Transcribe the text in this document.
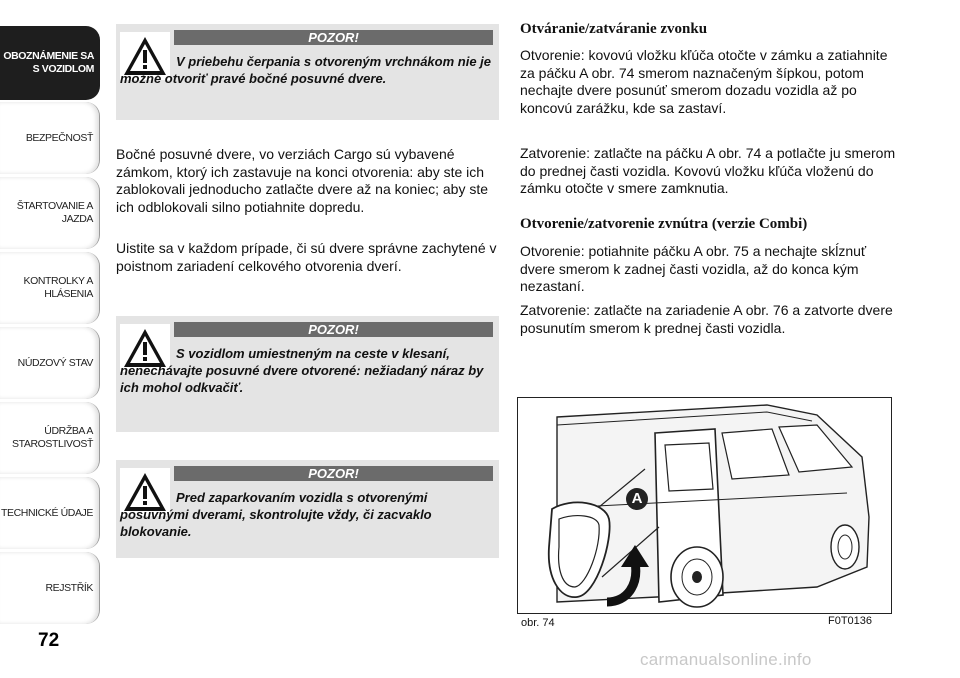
OBOZNÁMENIE SA S VOZIDLOM
BEZPEČNOSŤ
ŠTARTOVANIE A JAZDA
KONTROLKY A HLÁSENIA
NÚDZOVÝ STAV
ÚDRŽBA A STAROSTLIVOSŤ
TECHNICKÉ ÚDAJE
REJSTŘÍK
72
POZOR!
V priebehu čerpania s otvoreným vrchnákom nie je možné otvoriť pravé bočné posuvné dvere.
Bočné posuvné dvere, vo verziách Cargo sú vybavené zámkom, ktorý ich zastavuje na konci otvorenia: aby ste ich zablokovali jednoducho zatlačte dvere až na koniec; aby ste ich odblokovali silno potiahnite dopredu.
Uistite sa v každom prípade, či sú dvere správne zachytené v poistnom zariadení celkového otvorenia dverí.
POZOR!
S vozidlom umiestneným na ceste v klesaní, nenechávajte posuvné dvere otvorené: nežiadaný náraz by ich mohol odkvačiť.
POZOR!
Pred zaparkovaním vozidla s otvorenými posuvnými dverami, skontrolujte vždy, či zacvaklo blokovanie.
Otváranie/zatváranie zvonku
Otvorenie: kovovú vložku kľúča otočte v zámku a zatiahnite za páčku A obr. 74 smerom naznačeným šípkou, potom nechajte dvere posunúť smerom dozadu vozidla až po koncovú zarážku, kde sa zastaví.
Zatvorenie: zatlačte na páčku A obr. 74 a potlačte ju smerom do prednej časti vozidla. Kovovú vložku kľúča vloženú do zámku otočte v smere zamknutia.
Otvorenie/zatvorenie zvnútra (verzie Combi)
Otvorenie: potiahnite páčku A obr. 75 a nechajte skĺznuť dvere smerom k zadnej časti vozidla, až do konca kým nezastaní.
Zatvorenie: zatlačte na zariadenie A obr. 76 a zatvorte dvere posunutím smerom k prednej časti vozidla.
A
obr. 74	F0T0136
carmanualsonline.info
